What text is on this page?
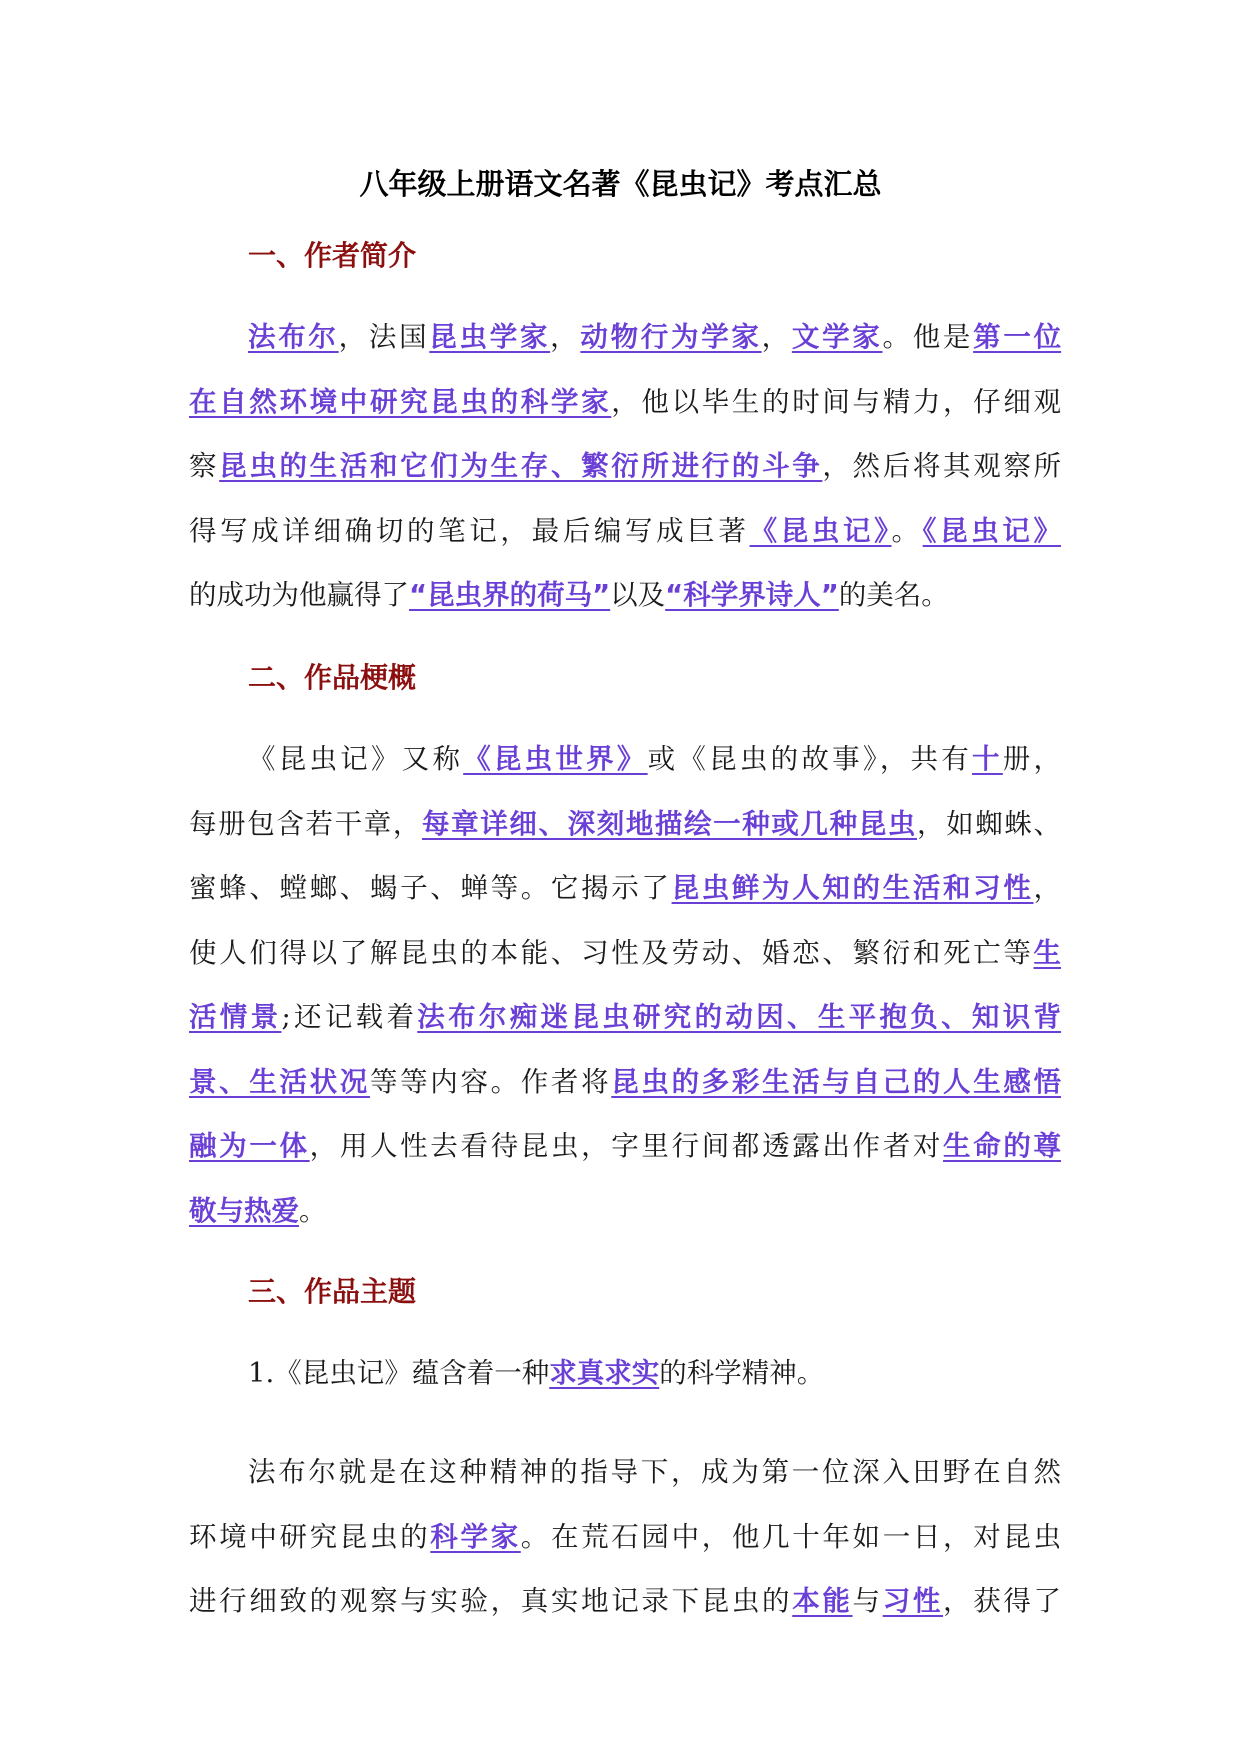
八年级上册语文名著《昆虫记》考点汇总
一、作者简介
法布尔，法国昆虫学家，动物行为学家，文学家。他是第一位
在自然环境中研究昆虫的科学家，他以毕生的时间与精力，仔细观
察昆虫的生活和它们为生存、繁衍所进行的斗争，然后将其观察所
得写成详细确切的笔记，最后编写成巨著《昆虫记》。《昆虫记》
的成功为他赢得了“昆虫界的荷马”以及“科学界诗人”的美名。
二、作品梗概
《昆虫记》又称《昆虫世界》或《昆虫的故事》，共有十册，
每册包含若干章，每章详细、深刻地描绘一种或几种昆虫，如蜘蛛、
蜜蜂、螳螂、蝎子、蝉等。它揭示了昆虫鲜为人知的生活和习性，
使人们得以了解昆虫的本能、习性及劳动、婚恋、繁衍和死亡等生
活情景;还记载着法布尔痴迷昆虫研究的动因、生平抱负、知识背
景、生活状况等等内容。作者将昆虫的多彩生活与自己的人生感悟
融为一体，用人性去看待昆虫，字里行间都透露出作者对生命的尊
敬与热爱。
三、作品主题
1.《昆虫记》蕴含着一种求真求实的科学精神。
法布尔就是在这种精神的指导下，成为第一位深入田野在自然
环境中研究昆虫的科学家。在荒石园中，他几十年如一日，对昆虫
进行细致的观察与实验，真实地记录下昆虫的本能与习性，获得了
